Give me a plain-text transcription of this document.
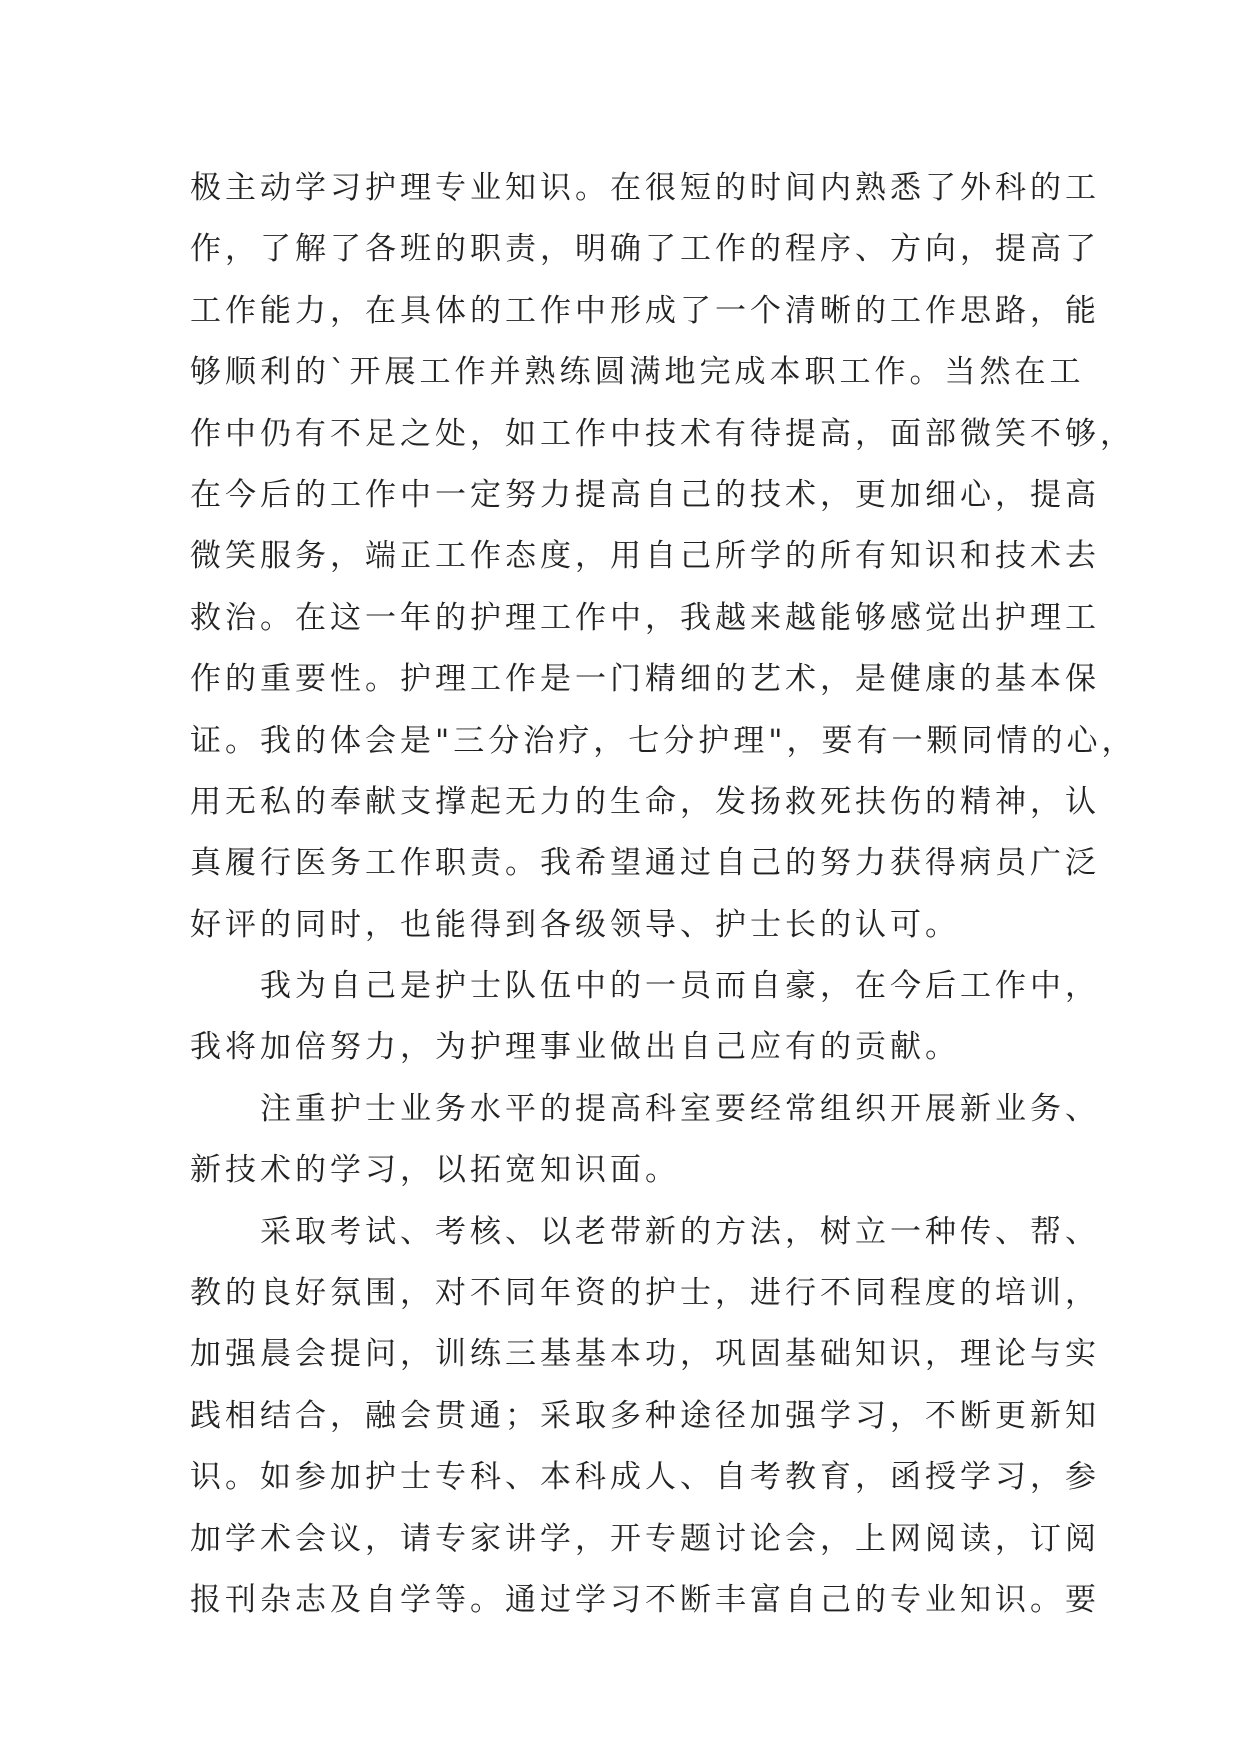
极主动学习护理专业知识。在很短的时间内熟悉了外科的工
作，了解了各班的职责，明确了工作的程序、方向，提高了
工作能力，在具体的工作中形成了一个清晰的工作思路，能
够顺利的`开展工作并熟练圆满地完成本职工作。当然在工
作中仍有不足之处，如工作中技术有待提高，面部微笑不够，
在今后的工作中一定努力提高自己的技术，更加细心，提高
微笑服务，端正工作态度，用自己所学的所有知识和技术去
救治。在这一年的护理工作中，我越来越能够感觉出护理工
作的重要性。护理工作是一门精细的艺术，是健康的基本保
证。我的体会是"三分治疗，七分护理"，要有一颗同情的心，
用无私的奉献支撑起无力的生命，发扬救死扶伤的精神，认
真履行医务工作职责。我希望通过自己的努力获得病员广泛
好评的同时，也能得到各级领导、护士长的认可。
我为自己是护士队伍中的一员而自豪，在今后工作中，
我将加倍努力，为护理事业做出自己应有的贡献。
注重护士业务水平的提高科室要经常组织开展新业务、
新技术的学习，以拓宽知识面。
采取考试、考核、以老带新的方法，树立一种传、帮、
教的良好氛围，对不同年资的护士，进行不同程度的培训，
加强晨会提问，训练三基基本功，巩固基础知识，理论与实
践相结合，融会贯通；采取多种途径加强学习，不断更新知
识。如参加护士专科、本科成人、自考教育，函授学习，参
加学术会议，请专家讲学，开专题讨论会，上网阅读，订阅
报刊杂志及自学等。通过学习不断丰富自己的专业知识。要
